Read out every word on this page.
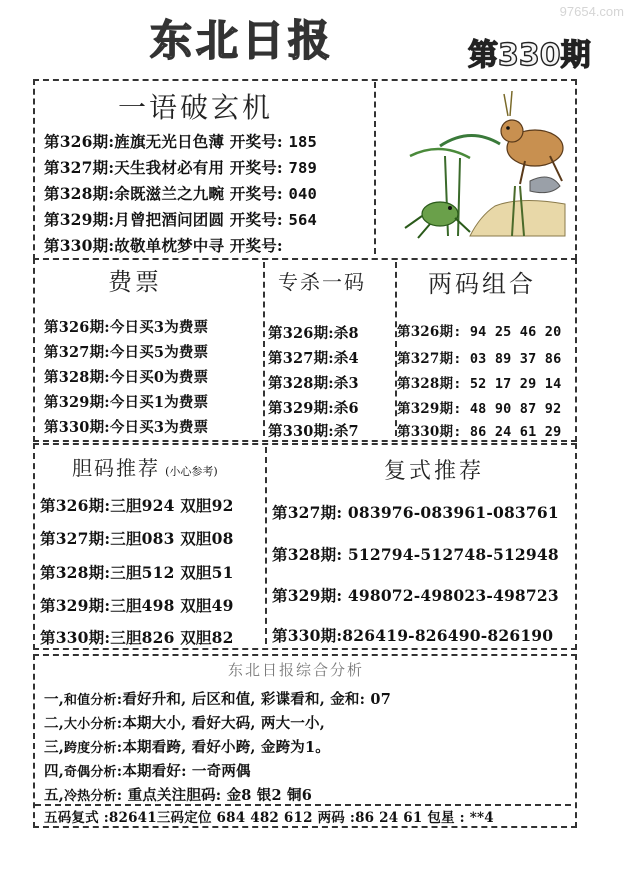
97654.com
东北日报	第330期
一语破玄机
第326期:旌旗无光日色薄 开奖号: 185
第327期:天生我材必有用 开奖号: 789
第328期:余既滋兰之九畹 开奖号: 040
第329期:月曾把酒问团圆 开奖号: 564
第330期:故敬单枕梦中寻 开奖号:
费票
第326期:今日买3为费票
第327期:今日买5为费票
第328期:今日买0为费票
第329期:今日买1为费票
第330期:今日买3为费票
专杀一码
第326期:杀8
第327期:杀4
第328期:杀3
第329期:杀6
第330期:杀7
两码组合
第326期: 94 25 46 20
第327期: 03 89 37 86
第328期: 52 17 29 14
第329期: 48 90 87 92
第330期: 86 24 61 29
胆码推荐 (小心参考)
第326期:三胆924 双胆92
第327期:三胆083 双胆08
第328期:三胆512 双胆51
第329期:三胆498 双胆49
第330期:三胆826 双胆82
复式推荐
第327期: 083976-083961-083761
第328期: 512794-512748-512948
第329期: 498072-498023-498723
第330期:826419-826490-826190
东北日报综合分析
一,和值分析:看好升和, 后区和值, 彩谍看和, 金和: 07
二,大小分析:本期大小, 看好大码, 两大一小,
三,跨度分析:本期看跨, 看好小跨, 金跨为1。
四,奇偶分析:本期看好: 一奇两偶
五,冷热分析: 重点关注胆码: 金8 银2 铜6
五码复式 :82641三码定位 684 482 612 两码 :86 24 61 包星 : **4
